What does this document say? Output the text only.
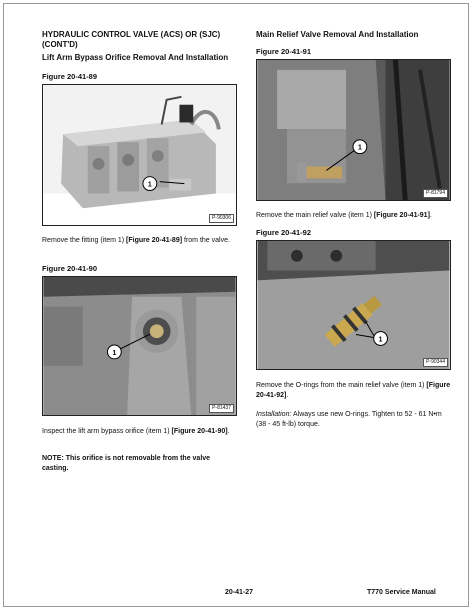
HYDRAULIC CONTROL VALVE (ACS) OR (SJC) (CONT'D)

Lift Arm Bypass Orifice Removal And Installation

Figure 20-41-89

1
P-90306

Remove the fitting (item 1) [Figure 20-41-89] from the valve.

Figure 20-41-90

1
P-81437

Inspect the lift arm bypass orifice (item 1) [Figure 20-41-90].

NOTE: This orifice is not removable from the valve casting.

Main Relief Valve Removal And Installation

Figure 20-41-91

1
P-81794

Remove the main relief valve (item 1) [Figure 20-41-91].

Figure 20-41-92

1
P-90344

Remove the O-rings from the main relief valve (item 1) [Figure 20-41-92].

Installation: Always use new O-rings. Tighten to 52 - 61 N•m (38 - 45 ft-lb) torque.

20-41-27	T770 Service Manual
